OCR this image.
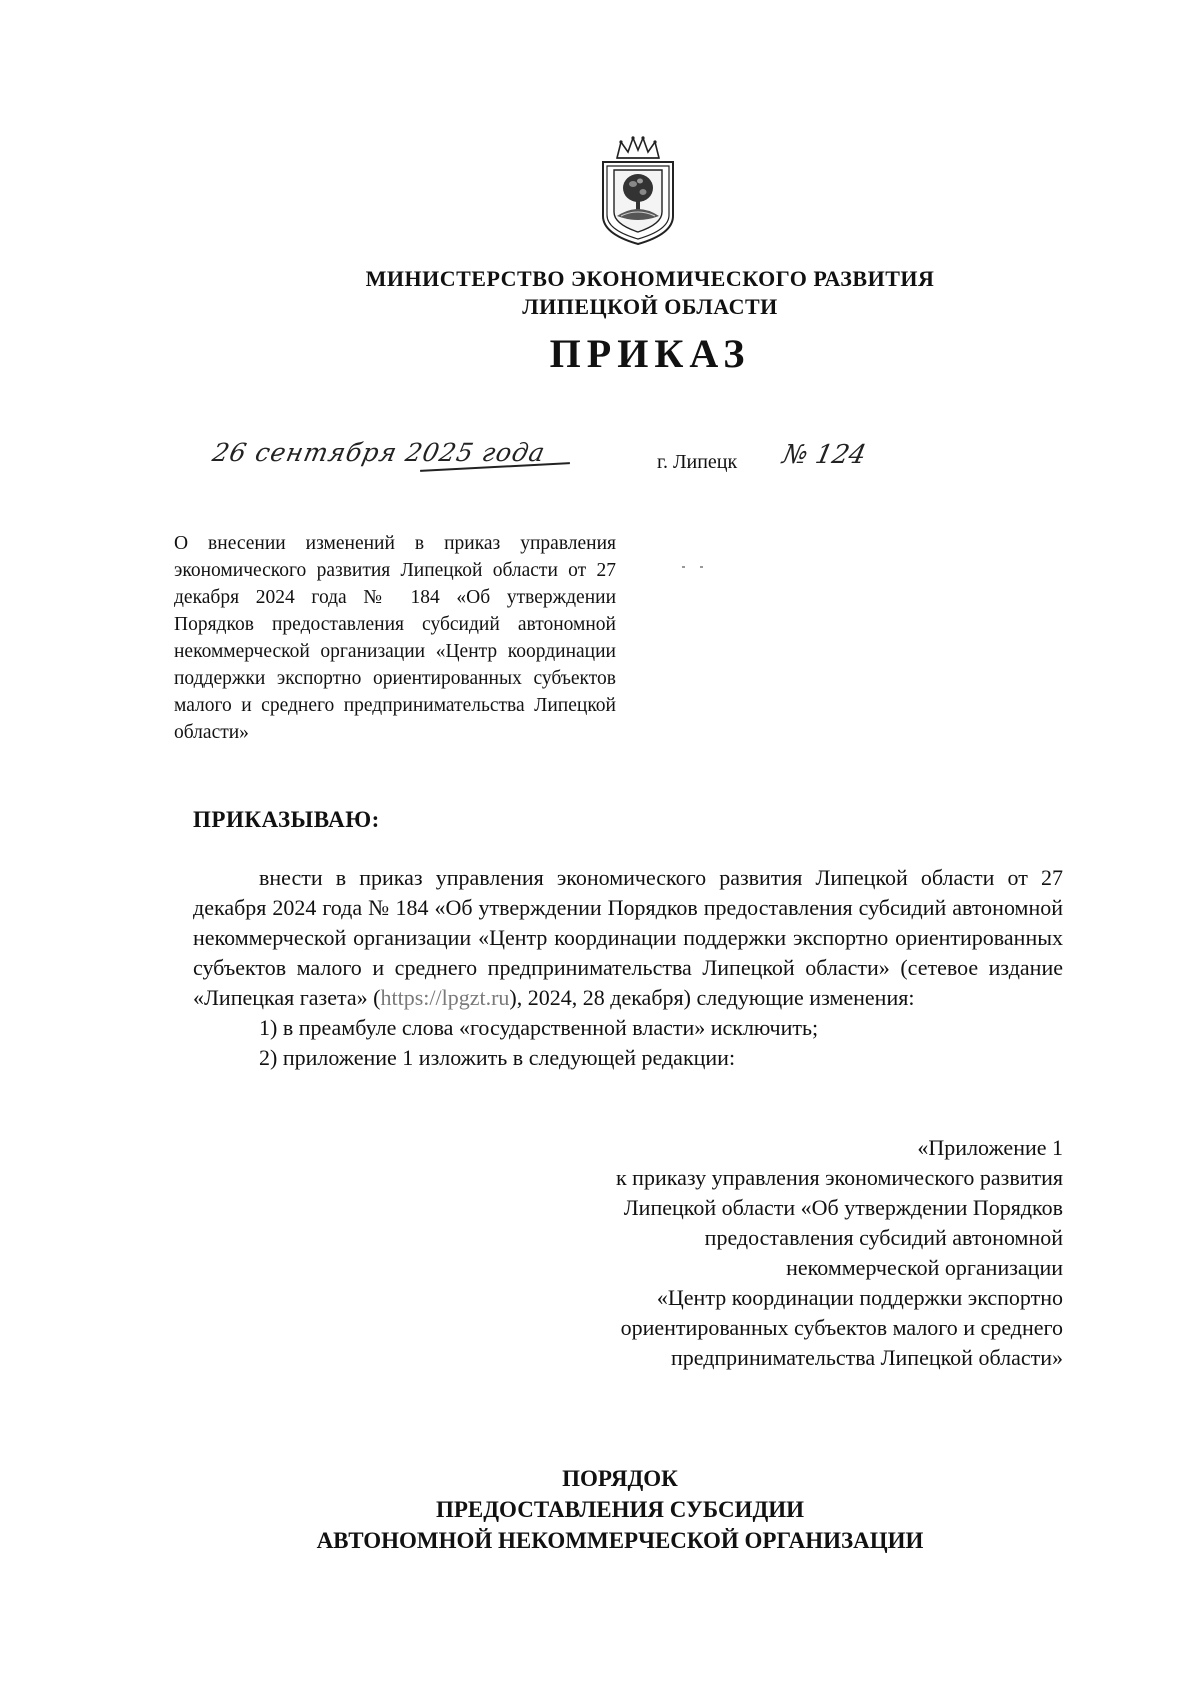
МИНИСТЕРСТВО ЭКОНОМИЧЕСКОГО РАЗВИТИЯ
ЛИПЕЦКОЙ ОБЛАСТИ
ПРИКАЗ
26 сентября 2025 года	г. Липецк № 124
О внесении изменений в приказ управления экономического развития Липецкой области от 27 декабря 2024 года № 184 «Об утверждении Порядков предоставления субсидий автономной некоммерческой организации «Центр координации поддержки экспортно ориентированных субъектов малого и среднего предпринимательства Липецкой области»
ПРИКАЗЫВАЮ:

внести в приказ управления экономического развития Липецкой области от 27 декабря 2024 года № 184 «Об утверждении Порядков предоставления субсидий автономной некоммерческой организации «Центр координации поддержки экспортно ориентированных субъектов малого и среднего предпринимательства Липецкой области» (сетевое издание «Липецкая газета» (https://lpgzt.ru), 2024, 28 декабря) следующие изменения:

1) в преамбуле слова «государственной власти» исключить;

2) приложение 1 изложить в следующей редакции:

«Приложение 1
к приказу управления экономического развития
Липецкой области «Об утверждении Порядков
предоставления субсидий автономной
некоммерческой организации
«Центр координации поддержки экспортно
ориентированных субъектов малого и среднего
предпринимательства Липецкой области»
ПОРЯДОК
ПРЕДОСТАВЛЕНИЯ СУБСИДИИ
АВТОНОМНОЙ НЕКОММЕРЧЕСКОЙ ОРГАНИЗАЦИИ
